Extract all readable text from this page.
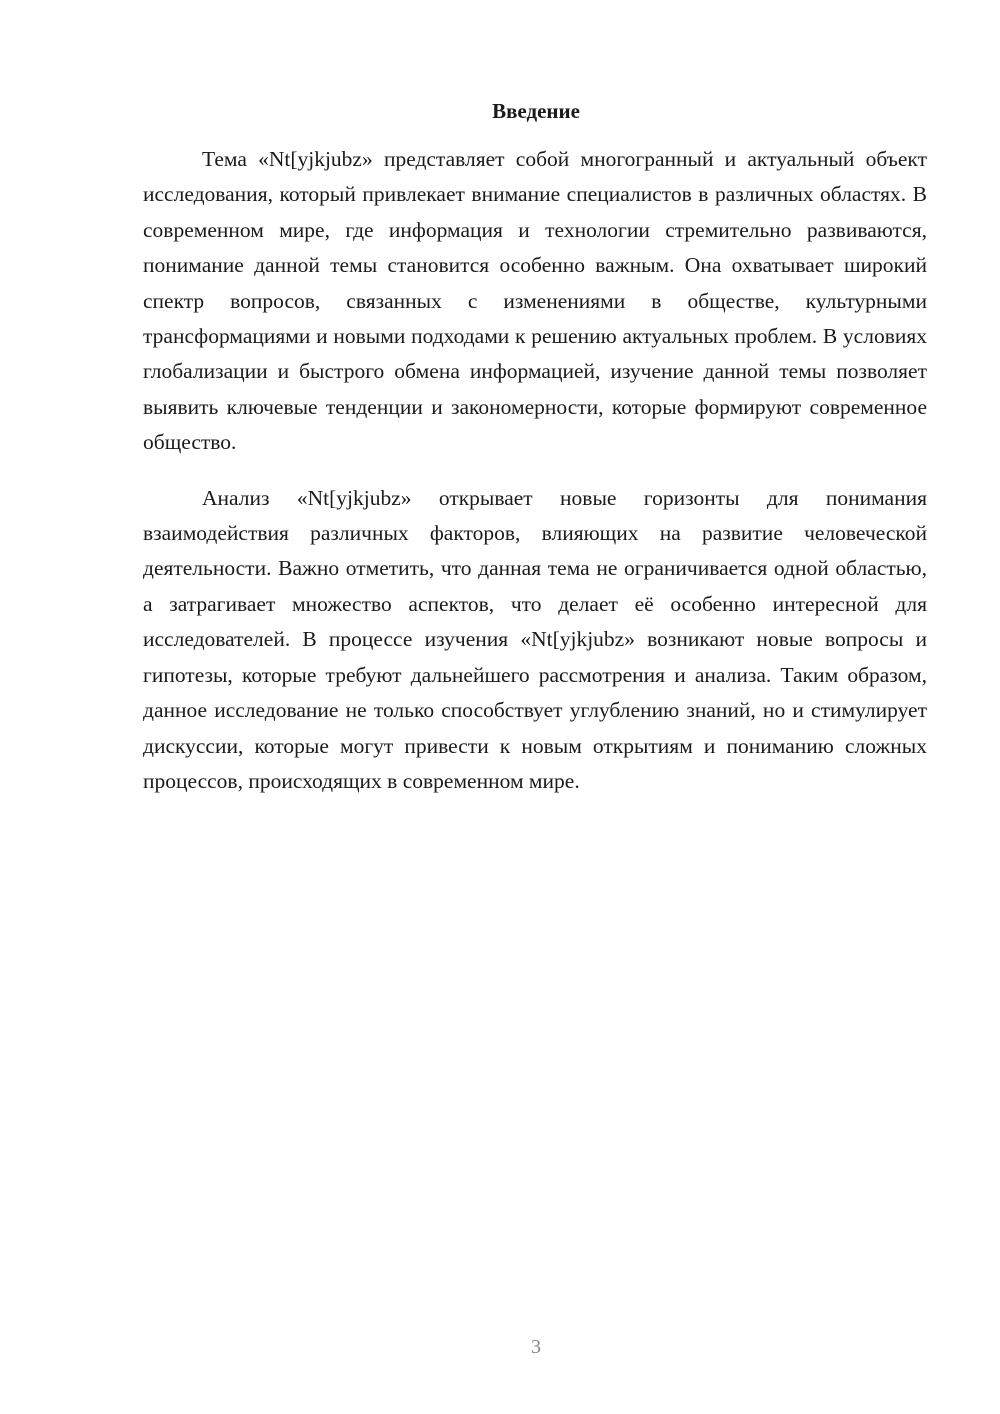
Введение

Тема «Nt[yjkjubz» представляет собой многогранный и актуальный объект исследования, который привлекает внимание специалистов в различных областях. В современном мире, где информация и технологии стремительно развиваются, понимание данной темы становится особенно важным. Она охватывает широкий спектр вопросов, связанных с изменениями в обществе, культурными трансформациями и новыми подходами к решению актуальных проблем. В условиях глобализации и быстрого обмена информацией, изучение данной темы позволяет выявить ключевые тенденции и закономерности, которые формируют современное общество.

Анализ «Nt[yjkjubz» открывает новые горизонты для понимания взаимодействия различных факторов, влияющих на развитие человеческой деятельности. Важно отметить, что данная тема не ограничивается одной областью, а затрагивает множество аспектов, что делает её особенно интересной для исследователей. В процессе изучения «Nt[yjkjubz» возникают новые вопросы и гипотезы, которые требуют дальнейшего рассмотрения и анализа. Таким образом, данное исследование не только способствует углублению знаний, но и стимулирует дискуссии, которые могут привести к новым открытиям и пониманию сложных процессов, происходящих в современном мире.

3
